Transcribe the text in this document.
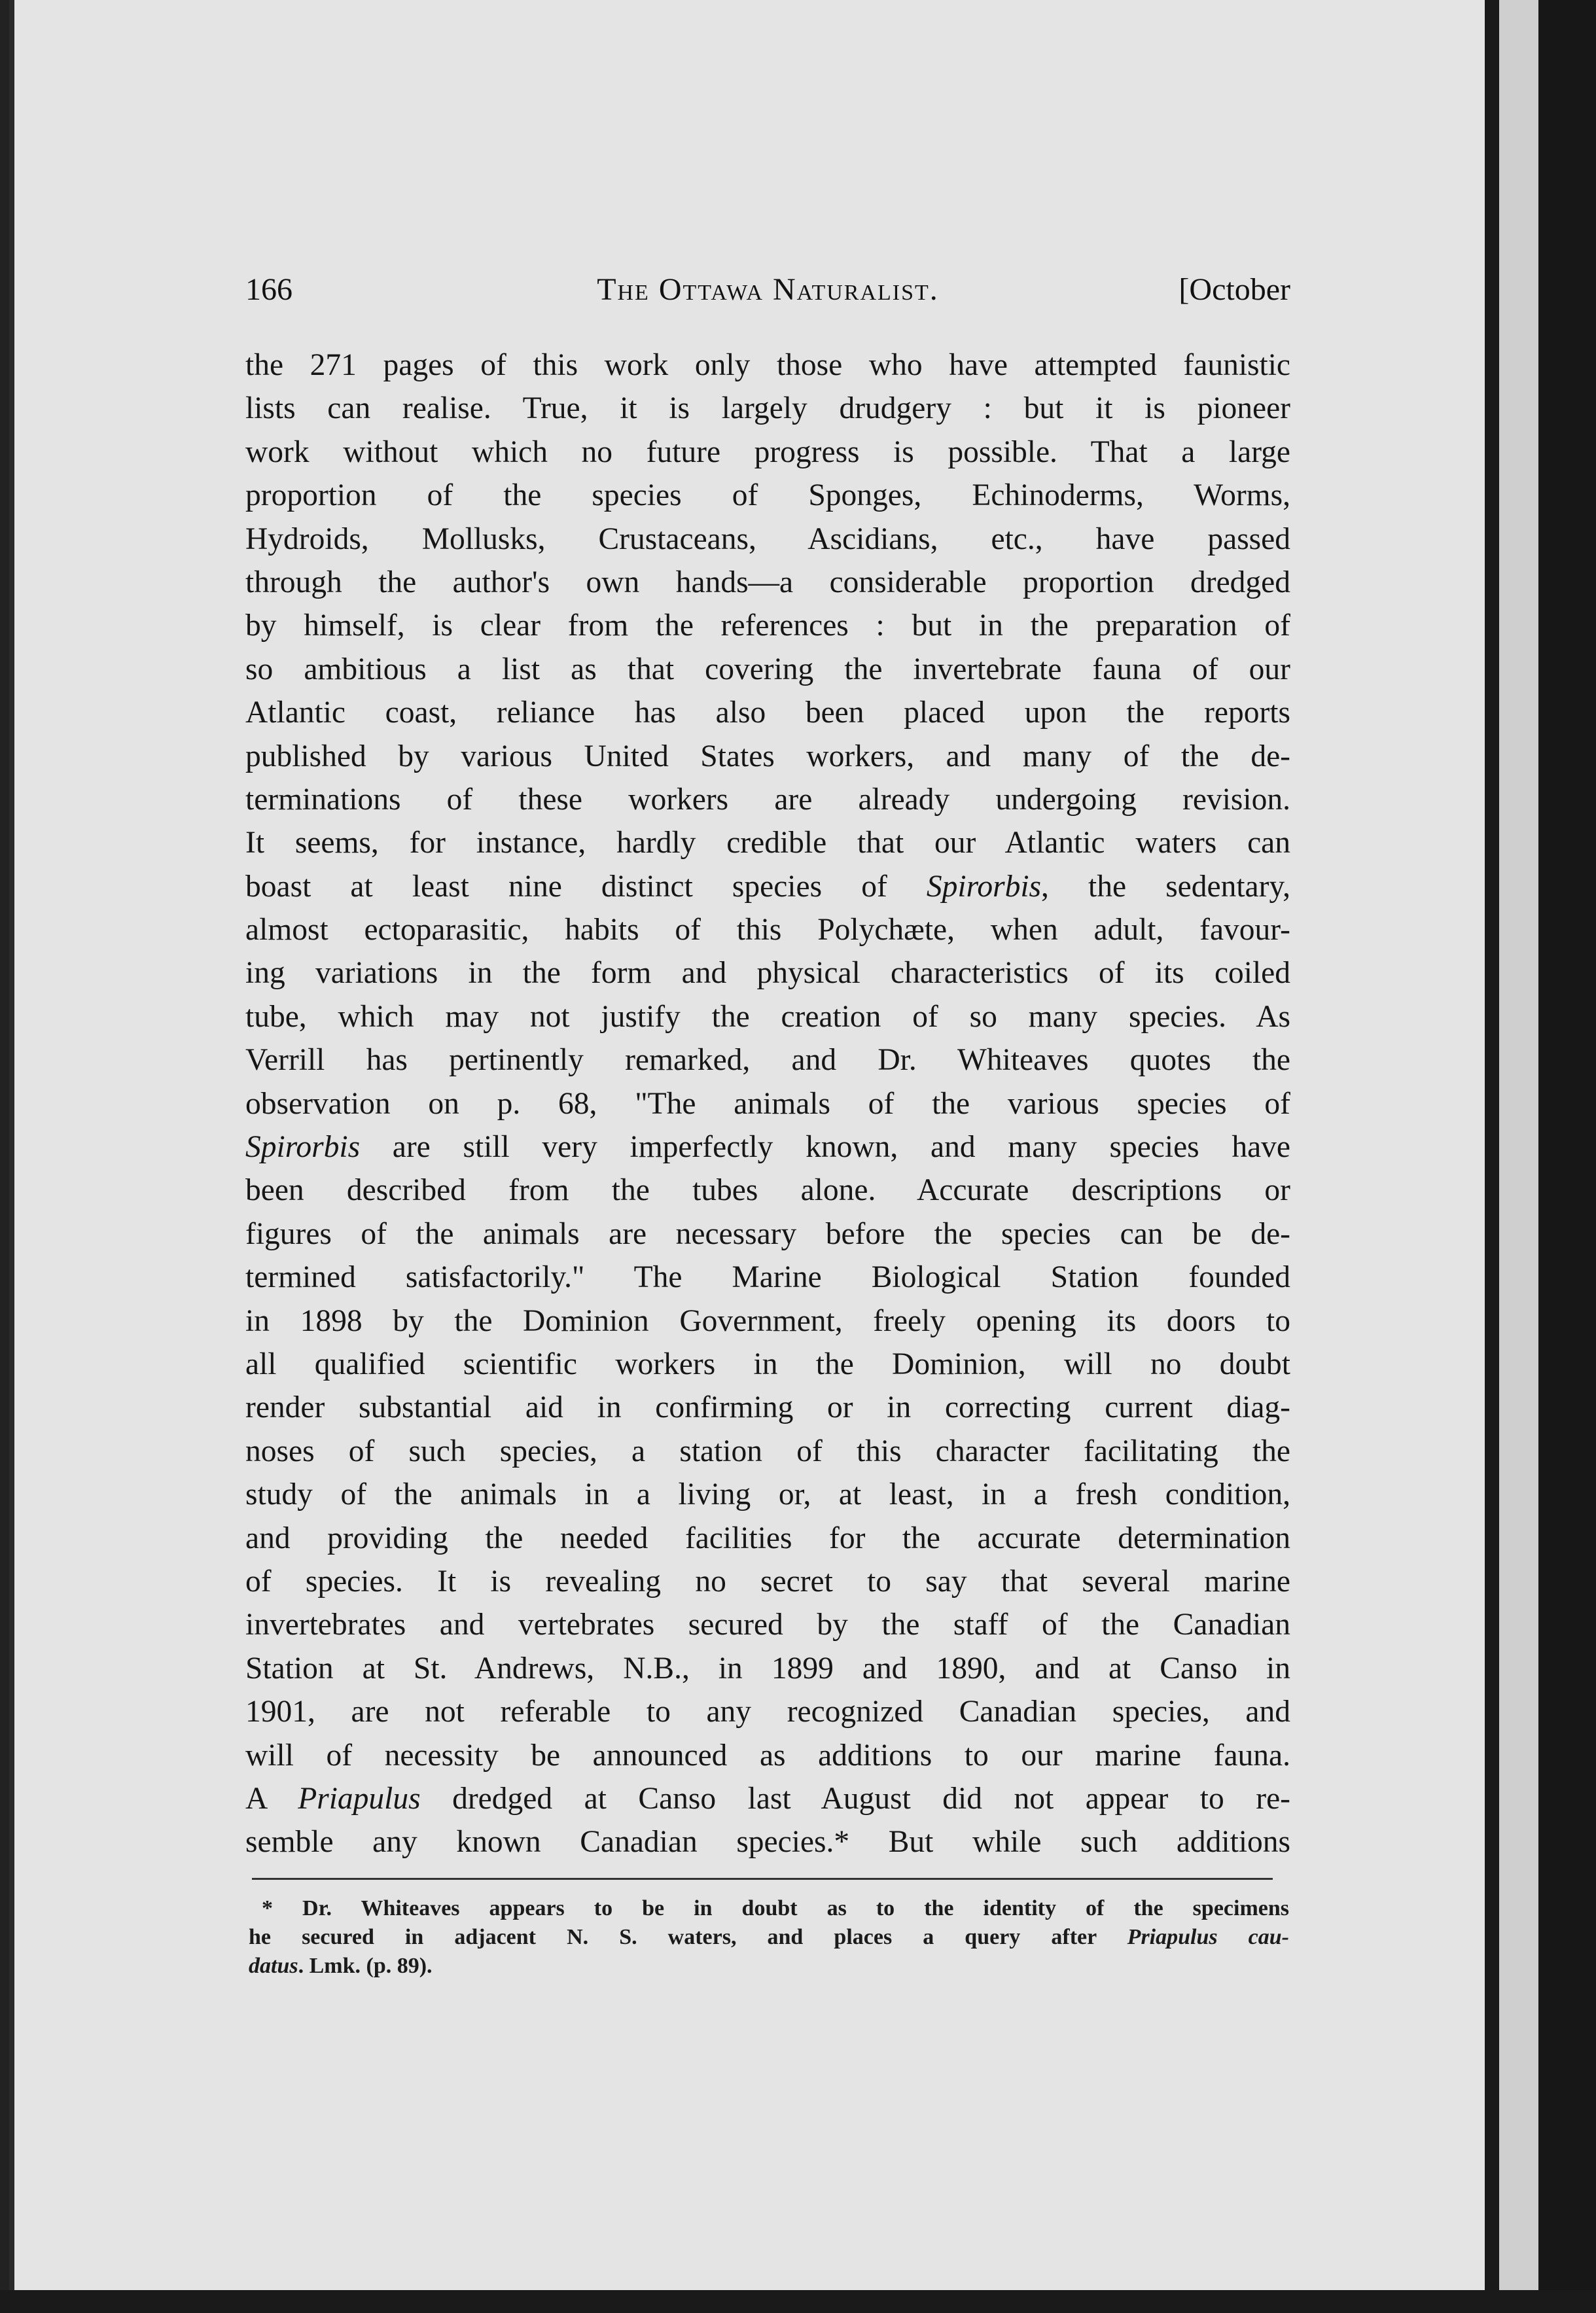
166	The Ottawa Naturalist.	[October
the 271 pages of this work only those who have attempted faunistic
lists can realise. True, it is largely drudgery : but it is pioneer
work without which no future progress is possible. That a large
proportion of the species of Sponges, Echinoderms, Worms,
Hydroids, Mollusks, Crustaceans, Ascidians, etc., have passed
through the author's own hands—a considerable proportion dredged
by himself, is clear from the references : but in the preparation of
so ambitious a list as that covering the invertebrate fauna of our
Atlantic coast, reliance has also been placed upon the reports
published by various United States workers, and many of the de-
terminations of these workers are already undergoing revision.
It seems, for instance, hardly credible that our Atlantic waters can
boast at least nine distinct species of Spirorbis, the sedentary,
almost ectoparasitic, habits of this Polychæte, when adult, favour-
ing variations in the form and physical characteristics of its coiled
tube, which may not justify the creation of so many species. As
Verrill has pertinently remarked, and Dr. Whiteaves quotes the
observation on p. 68, "The animals of the various species of
Spirorbis are still very imperfectly known, and many species have
been described from the tubes alone. Accurate descriptions or
figures of the animals are necessary before the species can be de-
termined satisfactorily." The Marine Biological Station founded
in 1898 by the Dominion Government, freely opening its doors to
all qualified scientific workers in the Dominion, will no doubt
render substantial aid in confirming or in correcting current diag-
noses of such species, a station of this character facilitating the
study of the animals in a living or, at least, in a fresh condition,
and providing the needed facilities for the accurate determination
of species. It is revealing no secret to say that several marine
invertebrates and vertebrates secured by the staff of the Canadian
Station at St. Andrews, N.B., in 1899 and 1890, and at Canso in
1901, are not referable to any recognized Canadian species, and
will of necessity be announced as additions to our marine fauna.
A Priapulus dredged at Canso last August did not appear to re-
semble any known Canadian species.* But while such additions
* Dr. Whiteaves appears to be in doubt as to the identity of the specimens
he secured in adjacent N. S. waters, and places a query after Priapulus cau-
datus. Lmk. (p. 89).
